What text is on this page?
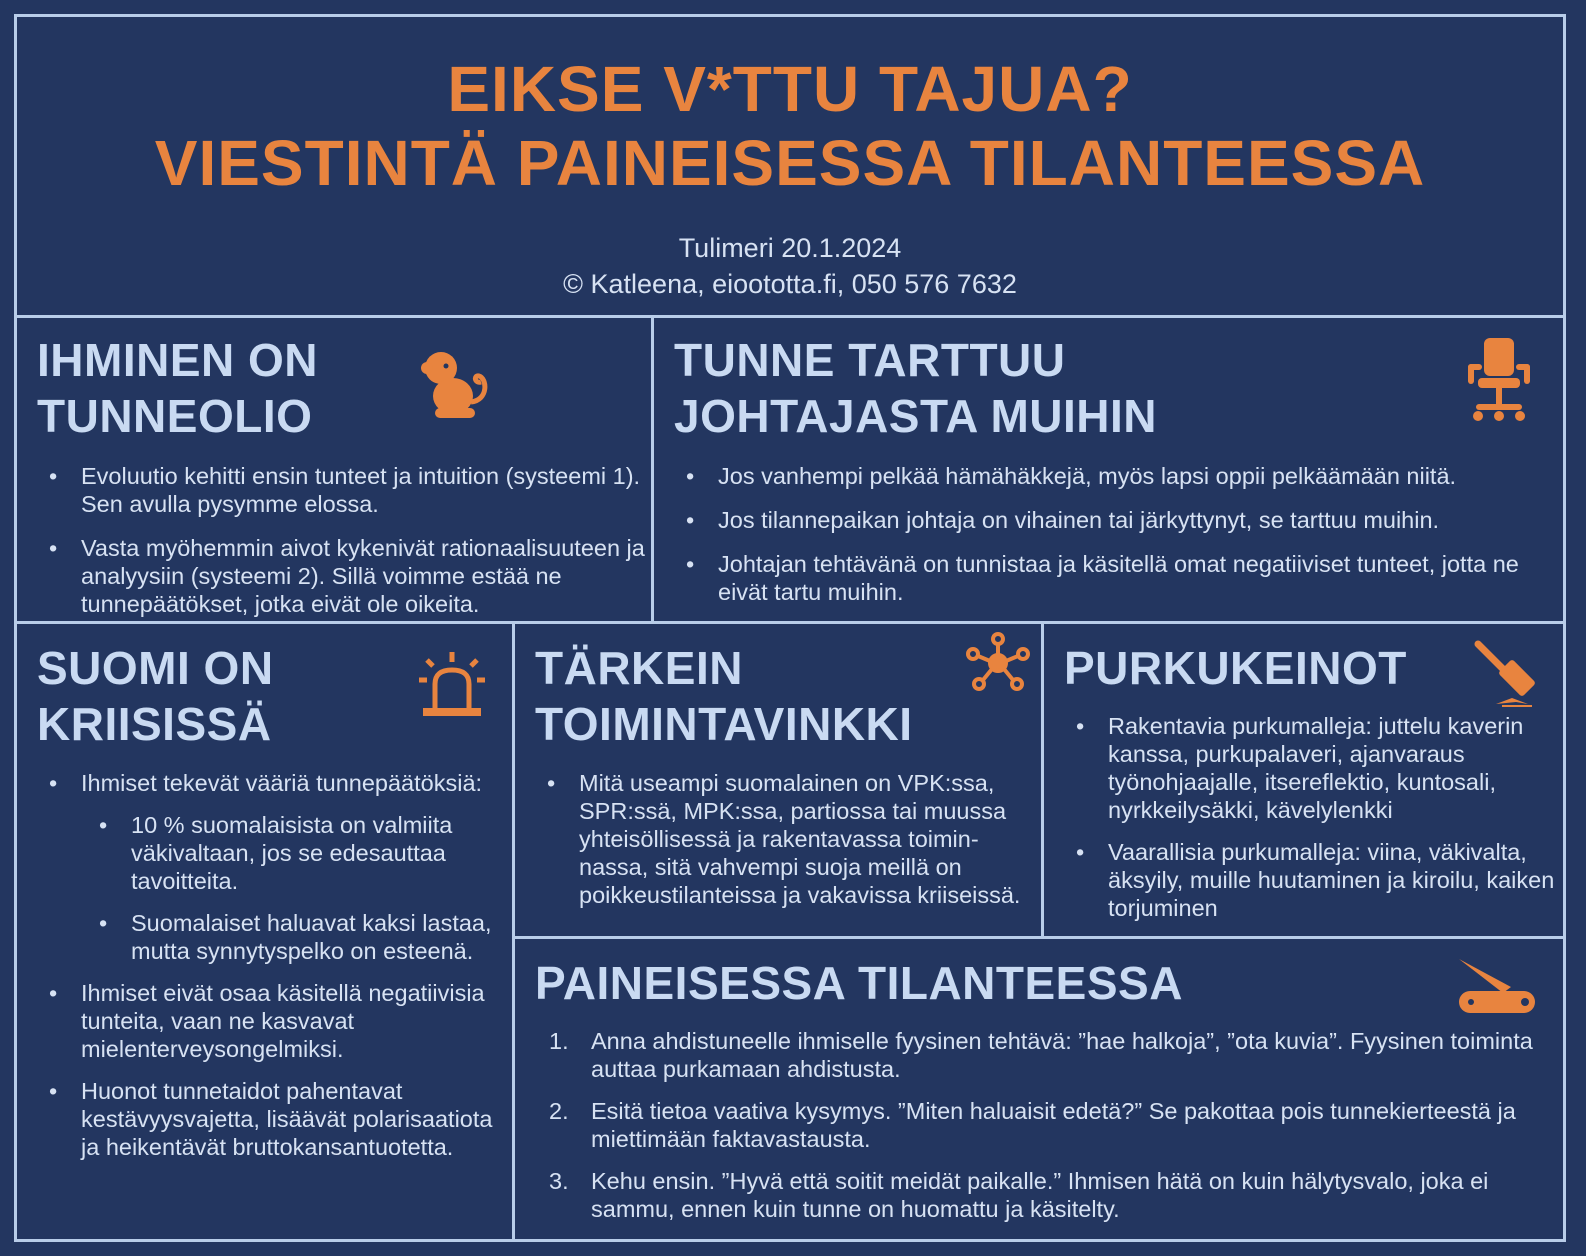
EIKSE V*TTU TAJUA?
VIESTINTÄ PAINEISESSA TILANTEESSA
Tulimeri 20.1.2024
© Katleena, eioototta.fi, 050 576 7632
IHMINEN ON
TUNNEOLIO
• Evoluutio kehitti ensin tunteet ja intuition (systeemi 1). Sen avulla pysymme elossa.
• Vasta myöhemmin aivot kykenivät rationaalisuuteen ja analyysiin (systeemi 2). Sillä voimme estää ne tunnepäätökset, jotka eivät ole oikeita.
TUNNE TARTTUU
JOHTAJASTA MUIHIN
• Jos vanhempi pelkää hämähäkkejä, myös lapsi oppii pelkäämään niitä.
• Jos tilannepaikan johtaja on vihainen tai järkyttynyt, se tarttuu muihin.
• Johtajan tehtävänä on tunnistaa ja käsitellä omat negatiiviset tunteet, jotta ne eivät tartu muihin.
SUOMI ON
KRIISISSÄ
• Ihmiset tekevät vääriä tunnepäätöksiä:
• 10 % suomalaisista on valmiita väkivaltaan, jos se edesauttaa tavoitteita.
• Suomalaiset haluavat kaksi lastaa, mutta synnytyspelko on esteenä.
• Ihmiset eivät osaa käsitellä negatiivisia tunteita, vaan ne kasvavat mielenterveysongelmiksi.
• Huonot tunnetaidot pahentavat kestävyysvajetta, lisäävät polarisaatiota ja heikentävät bruttokansantuotetta.
TÄRKEIN
TOIMINTAVINKKI
• Mitä useampi suomalainen on VPK:ssa, SPR:ssä, MPK:ssa, partiossa tai muussa yhteisöllisessä ja rakentavassa toiminnassa, sitä vahvempi suoja meillä on poikkeustilanteissa ja vakavissa kriiseissä.
PURKUKEINOT
• Rakentavia purkumalleja: juttelu kaverin kanssa, purkupalaveri, ajanvaraus työnohjaajalle, itsereflektio, kuntosali, nyrkkeilysäkki, kävelylenkki
• Vaarallisia purkumalleja: viina, väkivalta, äksyily, muille huutaminen ja kiroilu, kaiken torjuminen
PAINEISESSA TILANTEESSA
1. Anna ahdistuneelle ihmiselle fyysinen tehtävä: ”hae halkoja”, ”ota kuvia”. Fyysinen toiminta auttaa purkamaan ahdistusta.
2. Esitä tietoa vaativa kysymys. ”Miten haluaisit edetä?” Se pakottaa pois tunnekierteestä ja miettimään faktavastausta.
3. Kehu ensin. ”Hyvä että soitit meidät paikalle.” Ihmisen hätä on kuin hälytysvalo, joka ei sammu, ennen kuin tunne on huomattu ja käsitelty.
